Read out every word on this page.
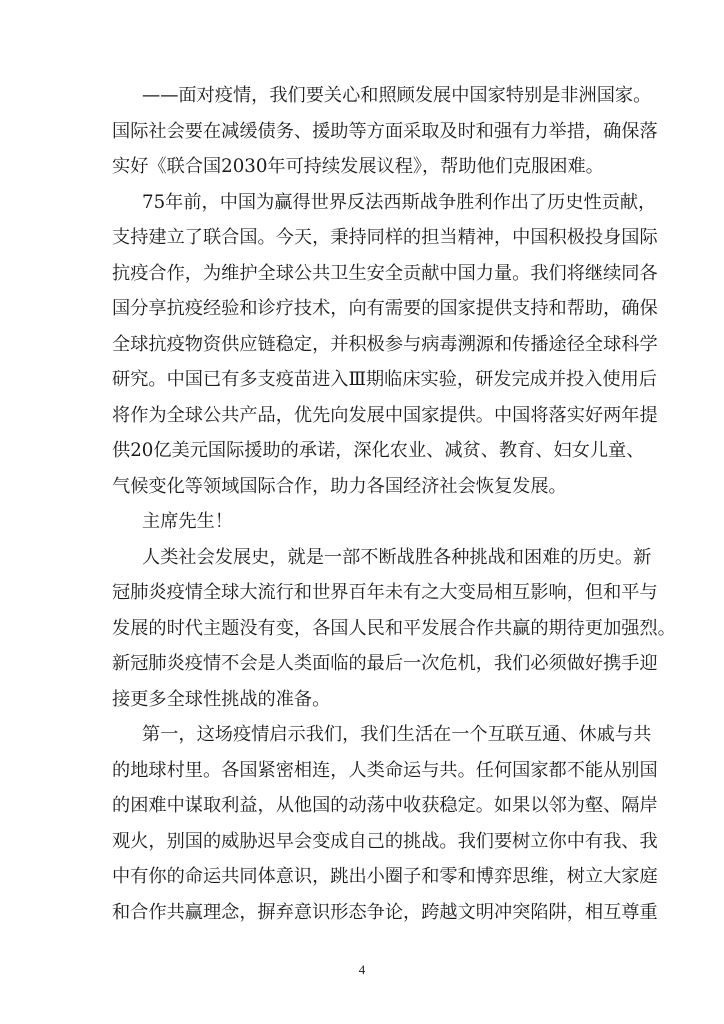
——面对疫情，我们要关心和照顾发展中国家特别是非洲国家。
国际社会要在减缓债务、援助等方面采取及时和强有力举措，确保落
实好《联合国2030年可持续发展议程》，帮助他们克服困难。
75年前，中国为赢得世界反法西斯战争胜利作出了历史性贡献，
支持建立了联合国。今天，秉持同样的担当精神，中国积极投身国际
抗疫合作，为维护全球公共卫生安全贡献中国力量。我们将继续同各
国分享抗疫经验和诊疗技术，向有需要的国家提供支持和帮助，确保
全球抗疫物资供应链稳定，并积极参与病毒溯源和传播途径全球科学
研究。中国已有多支疫苗进入Ⅲ期临床实验，研发完成并投入使用后
将作为全球公共产品，优先向发展中国家提供。中国将落实好两年提
供20亿美元国际援助的承诺，深化农业、减贫、教育、妇女儿童、
气候变化等领域国际合作，助力各国经济社会恢复发展。
主席先生！
人类社会发展史，就是一部不断战胜各种挑战和困难的历史。新
冠肺炎疫情全球大流行和世界百年未有之大变局相互影响，但和平与
发展的时代主题没有变，各国人民和平发展合作共赢的期待更加强烈。
新冠肺炎疫情不会是人类面临的最后一次危机，我们必须做好携手迎
接更多全球性挑战的准备。
第一，这场疫情启示我们，我们生活在一个互联互通、休戚与共
的地球村里。各国紧密相连，人类命运与共。任何国家都不能从别国
的困难中谋取利益，从他国的动荡中收获稳定。如果以邻为壑、隔岸
观火，别国的威胁迟早会变成自己的挑战。我们要树立你中有我、我
4
中有你的命运共同体意识，跳出小圈子和零和博弈思维，树立大家庭
和合作共赢理念，摒弃意识形态争论，跨越文明冲突陷阱，相互尊重
